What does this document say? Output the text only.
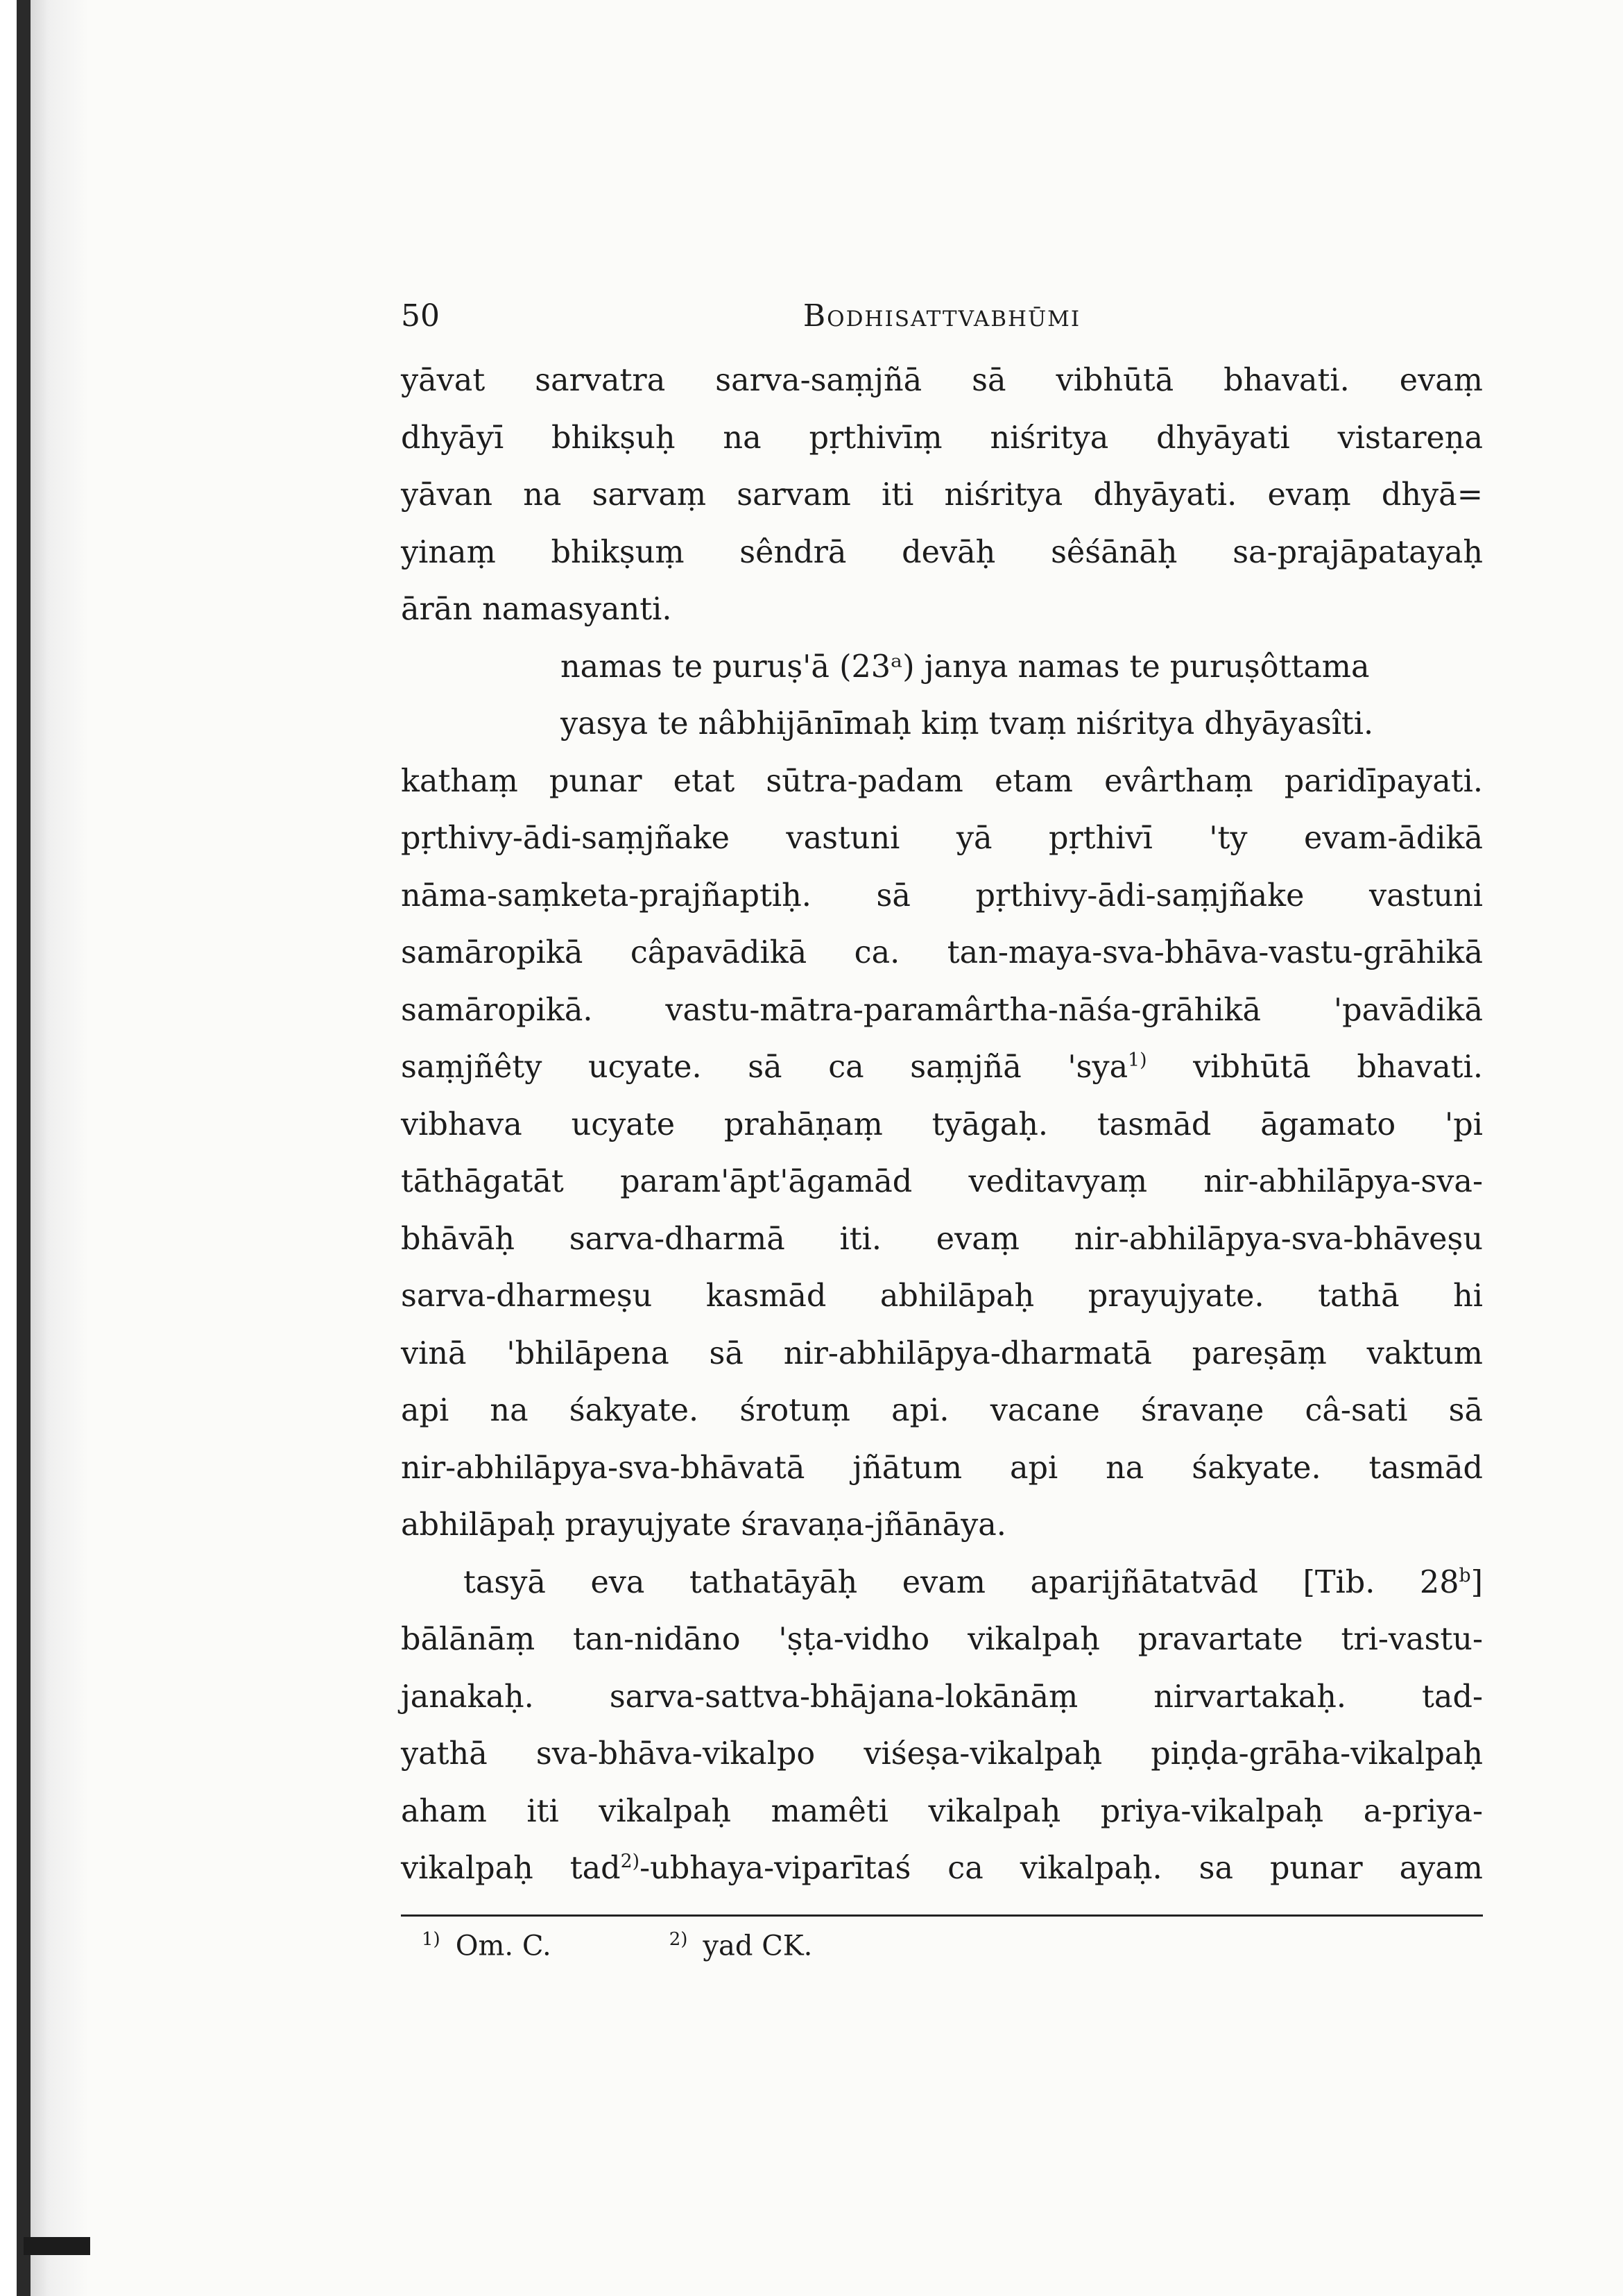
50	Bodhisattvabhūmi
yāvat sarvatra sarva-saṃjñā sā vibhūtā bhavati. evaṃ
dhyāyī bhikṣuḥ na pṛthivīṃ niśritya dhyāyati vistareṇa
yāvan na sarvaṃ sarvam iti niśritya dhyāyati. evaṃ dhyā=
yinaṃ bhikṣuṃ sêndrā devāḥ sêśānāḥ sa-prajāpatayaḥ
ārān namasyanti.
namas te puruṣ'ā (23ᵃ) janya namas te puruṣôttama
yasya te nâbhijānīmaḥ kiṃ tvaṃ niśritya dhyāyasîti.
kathaṃ punar etat sūtra-padam etam evârthaṃ paridīpayati.
pṛthivy-ādi-saṃjñake vastuni yā pṛthivī 'ty evam-ādikā
nāma-saṃketa-prajñaptiḥ. sā pṛthivy-ādi-saṃjñake vastuni
samāropikā câpavādikā ca. tan-maya-sva-bhāva-vastu-grāhikā
samāropikā. vastu-mātra-paramârtha-nāśa-grāhikā 'pavādikā
saṃjñêty ucyate. sā ca saṃjñā 'sya$^{1)}$ vibhūtā bhavati.
vibhava ucyate prahāṇaṃ tyāgaḥ. tasmād āgamato 'pi
tāthāgatāt param'āpt'āgamād veditavyaṃ nir-abhilāpya-sva-
bhāvāḥ sarva-dharmā iti. evaṃ nir-abhilāpya-sva-bhāveṣu
sarva-dharmeṣu kasmād abhilāpaḥ prayujyate. tathā hi
vinā 'bhilāpena sā nir-abhilāpya-dharmatā pareṣāṃ vaktum
api na śakyate. śrotuṃ api. vacane śravaṇe câ-sati sā
nir-abhilāpya-sva-bhāvatā jñātum api na śakyate. tasmād
abhilāpaḥ prayujyate śravaṇa-jñānāya.
tasyā eva tathatāyāḥ evam aparijñātatvād [Tib. 28$^b$]
bālānāṃ tan-nidāno 'ṣṭa-vidho vikalpaḥ pravartate tri-vastu-
janakaḥ. sarva-sattva-bhājana-lokānāṃ nirvartakaḥ. tad-
yathā sva-bhāva-vikalpo viśeṣa-vikalpaḥ piṇḍa-grāha-vikalpaḥ
aham iti vikalpaḥ mamêti vikalpaḥ priya-vikalpaḥ a-priya-
vikalpaḥ tad$^{2)}$-ubhaya-viparītaś ca vikalpaḥ. sa punar ayam
$^{1)}$ Om. C.	$^{2)}$ yad CK.
